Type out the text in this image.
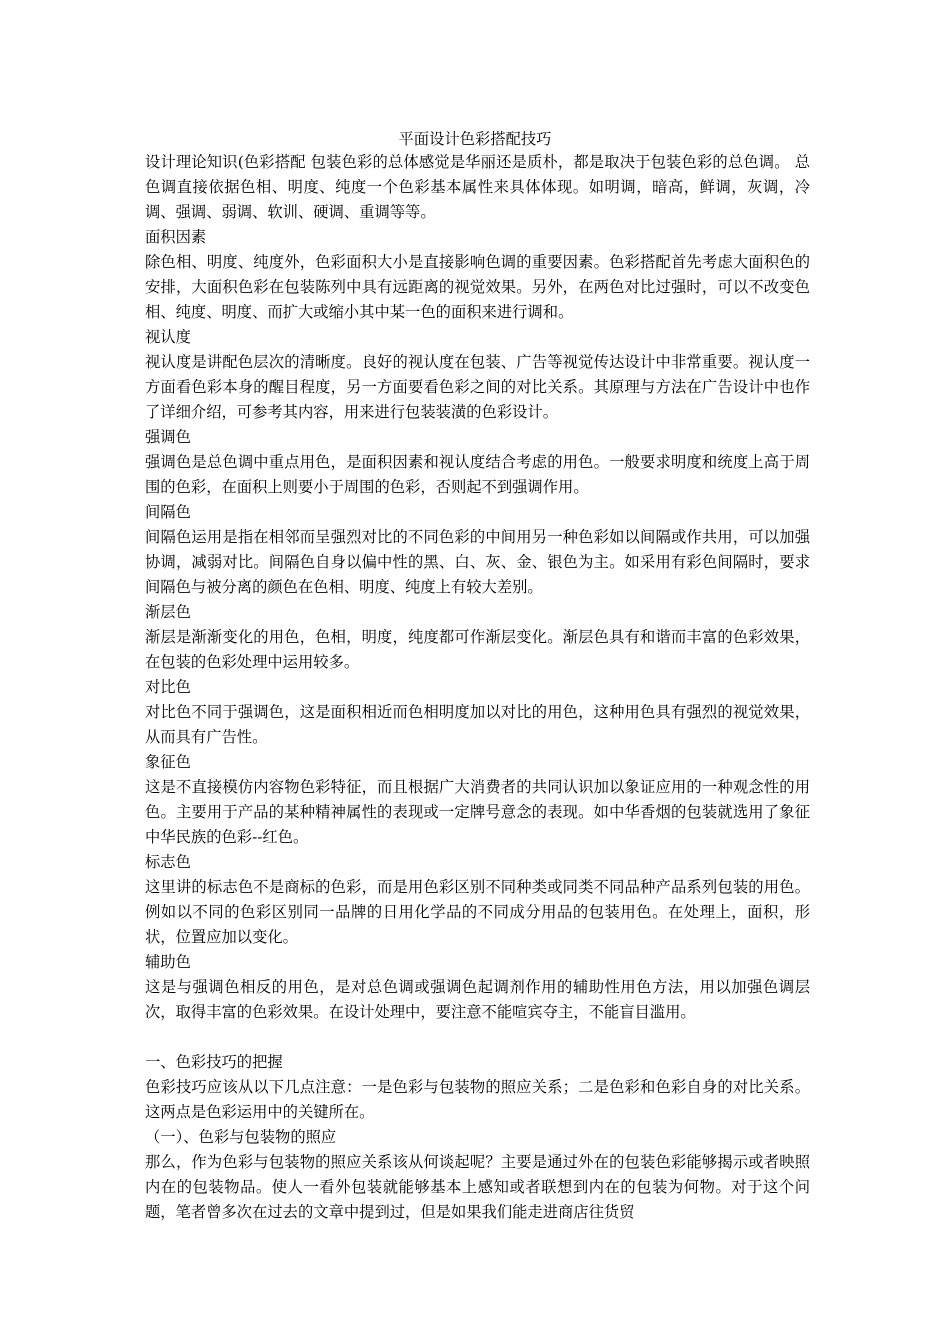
平面设计色彩搭配技巧

设计理论知识(色彩搭配 包装色彩的总体感觉是华丽还是质朴，都是取决于包装色彩的总色调。 总色调直接依据色相、明度、纯度一个色彩基本属性来具体体现。如明调，暗高，鲜调，灰调，冷调、强调、弱调、软训、硬调、重调等等。

面积因素

除色相、明度、纯度外，色彩面积大小是直接影响色调的重要因素。色彩搭配首先考虑大面积色的安排，大面积色彩在包装陈列中具有远距离的视觉效果。另外，在两色对比过强时，可以不改变色相、纯度、明度、而扩大或缩小其中某一色的面积来进行调和。

视认度

视认度是讲配色层次的清晰度。良好的视认度在包装、广告等视觉传达设计中非常重要。视认度一方面看色彩本身的醒目程度，另一方面要看色彩之间的对比关系。其原理与方法在广告设计中也作了详细介绍，可参考其内容，用来进行包装装潢的色彩设计。

强调色

强调色是总色调中重点用色，是面积因素和视认度结合考虑的用色。一般要求明度和统度上高于周围的色彩，在面积上则要小于周围的色彩，否则起不到强调作用。

间隔色

间隔色运用是指在相邻而呈强烈对比的不同色彩的中间用另一种色彩如以间隔或作共用，可以加强协调，减弱对比。间隔色自身以偏中性的黑、白、灰、金、银色为主。如采用有彩色间隔时，要求间隔色与被分离的颜色在色相、明度、纯度上有较大差别。

渐层色

渐层是渐渐变化的用色，色相，明度，纯度都可作渐层变化。渐层色具有和谐而丰富的色彩效果，在包装的色彩处理中运用较多。

对比色

对比色不同于强调色，这是面积相近而色相明度加以对比的用色，这种用色具有强烈的视觉效果，从而具有广告性。

象征色

这是不直接模仿内容物色彩特征，而且根据广大消费者的共同认识加以象证应用的一种观念性的用色。主要用于产品的某种精神属性的表现或一定牌号意念的表现。如中华香烟的包装就选用了象征中华民族的色彩--红色。

标志色

这里讲的标志色不是商标的色彩，而是用色彩区别不同种类或同类不同品种产品系列包装的用色。例如以不同的色彩区别同一品牌的日用化学品的不同成分用品的包装用色。在处理上，面积，形状，位置应加以变化。

辅助色

这是与强调色相反的用色，是对总色调或强调色起调剂作用的辅助性用色方法，用以加强色调层次，取得丰富的色彩效果。在设计处理中，要注意不能喧宾夺主，不能盲目滥用。

一、色彩技巧的把握

色彩技巧应该从以下几点注意：一是色彩与包装物的照应关系；二是色彩和色彩自身的对比关系。这两点是色彩运用中的关键所在。

（一）、色彩与包装物的照应

那么，作为色彩与包装物的照应关系该从何谈起呢？主要是通过外在的包装色彩能够揭示或者映照内在的包装物品。使人一看外包装就能够基本上感知或者联想到内在的包装为何物。对于这个问题，笔者曾多次在过去的文章中提到过，但是如果我们能走进商店往货贸
